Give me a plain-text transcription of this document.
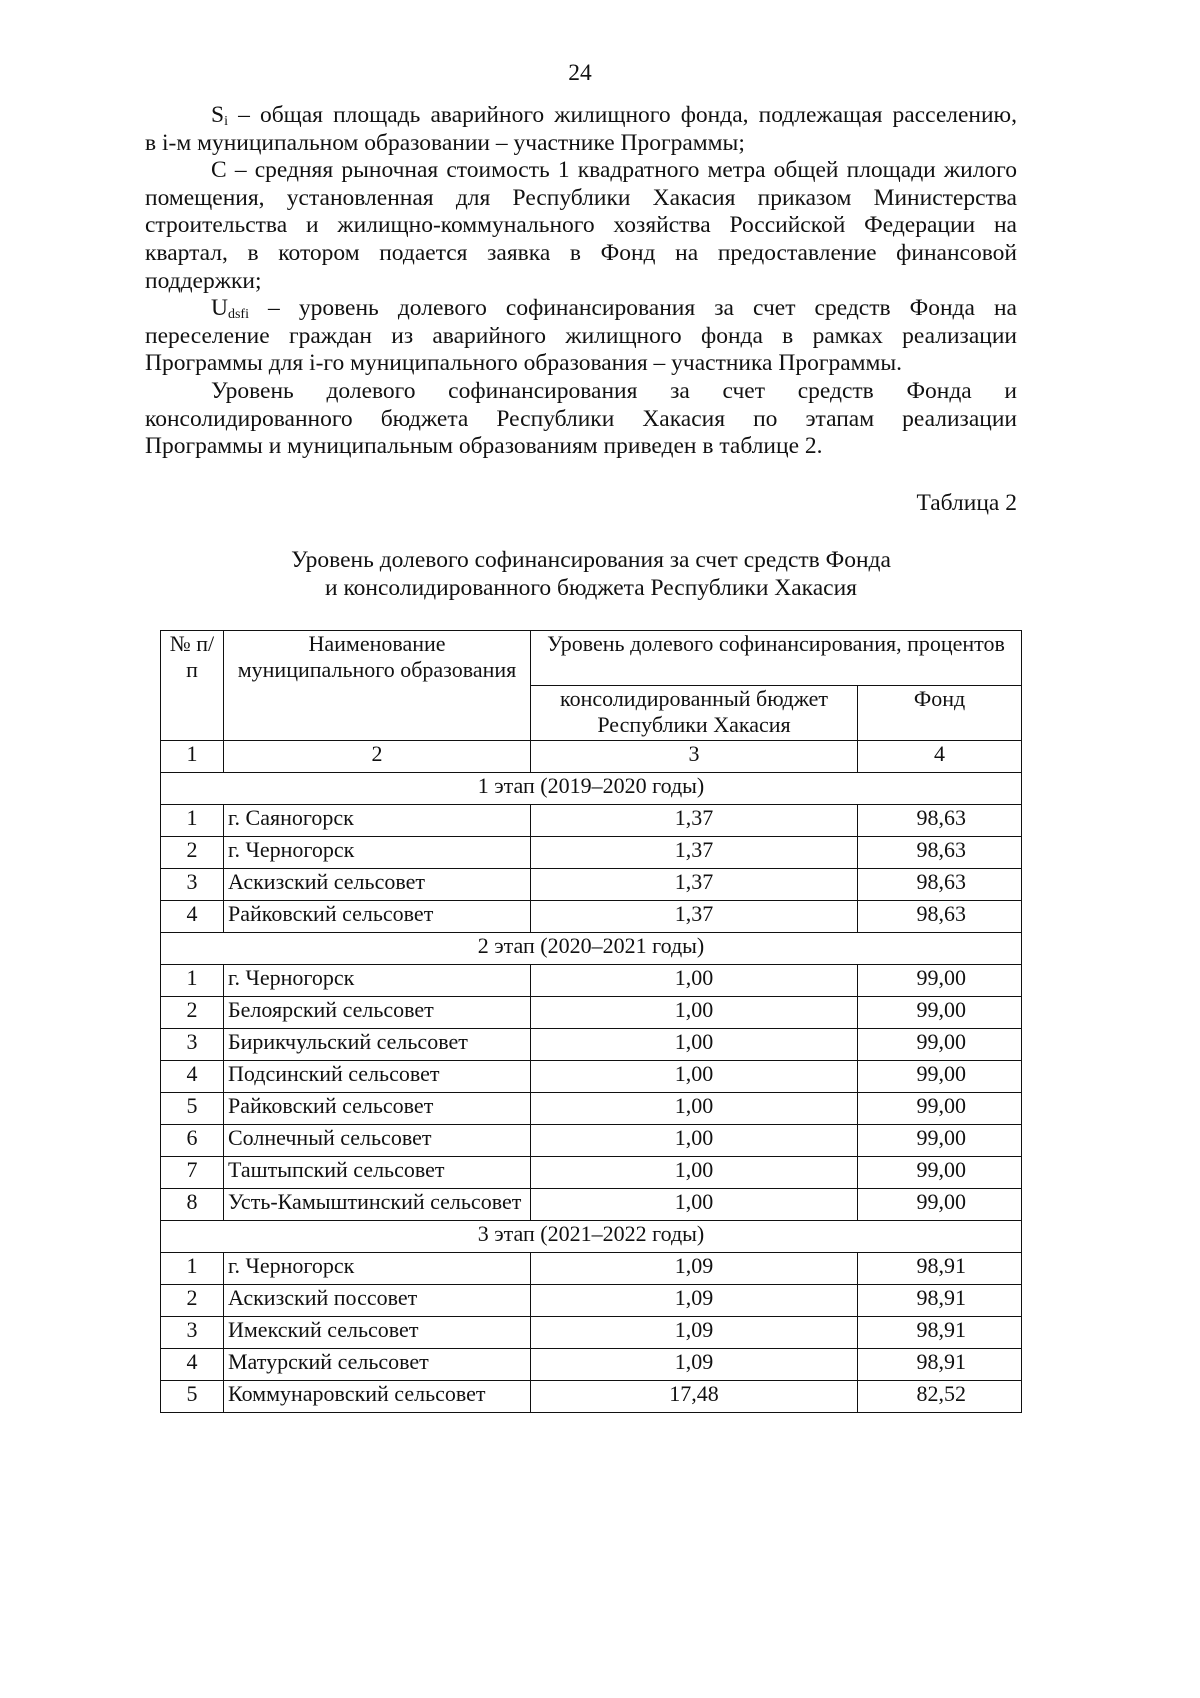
24
$S_i$ – общая площадь аварийного жилищного фонда, подлежащая расселению,
в i-м муниципальном образовании – участнике Программы;
С – средняя рыночная стоимость 1 квадратного метра общей площади жилого
помещения, установленная для Республики Хакасия приказом Министерства
строительства и жилищно-коммунального хозяйства Российской Федерации на
квартал, в котором подается заявка в Фонд на предоставление финансовой
поддержки;
$U_{dsfi}$ – уровень долевого софинансирования за счет средств Фонда на
переселение граждан из аварийного жилищного фонда в рамках реализации
Программы для i-го муниципального образования – участника Программы.
Уровень долевого софинансирования за счет средств Фонда и
консолидированного бюджета Республики Хакасия по этапам реализации
Программы и муниципальным образованиям приведен в таблице 2.
Таблица 2
Уровень долевого софинансирования за счет средств Фонда
и консолидированного бюджета Республики Хакасия
№ п/п	Наименование муниципального образования	Уровень долевого софинансирования, процентов	
		консолидированный бюджет Республики Хакасия	Фонд
1	2	3	4
1 этап (2019–2020 годы)			
1	г. Саяногорск	1,37	98,63
2	г. Черногорск	1,37	98,63
3	Аскизский сельсовет	1,37	98,63
4	Райковский сельсовет	1,37	98,63
2 этап (2020–2021 годы)			
1	г. Черногорск	1,00	99,00
2	Белоярский сельсовет	1,00	99,00
3	Бирикчульский сельсовет	1,00	99,00
4	Подсинский сельсовет	1,00	99,00
5	Райковский сельсовет	1,00	99,00
6	Солнечный сельсовет	1,00	99,00
7	Таштыпский сельсовет	1,00	99,00
8	Усть-Камыштинский сельсовет	1,00	99,00
3 этап (2021–2022 годы)			
1	г. Черногорск	1,09	98,91
2	Аскизский поссовет	1,09	98,91
3	Имекский сельсовет	1,09	98,91
4	Матурский сельсовет	1,09	98,91
5	Коммунаровский сельсовет	17,48	82,52
